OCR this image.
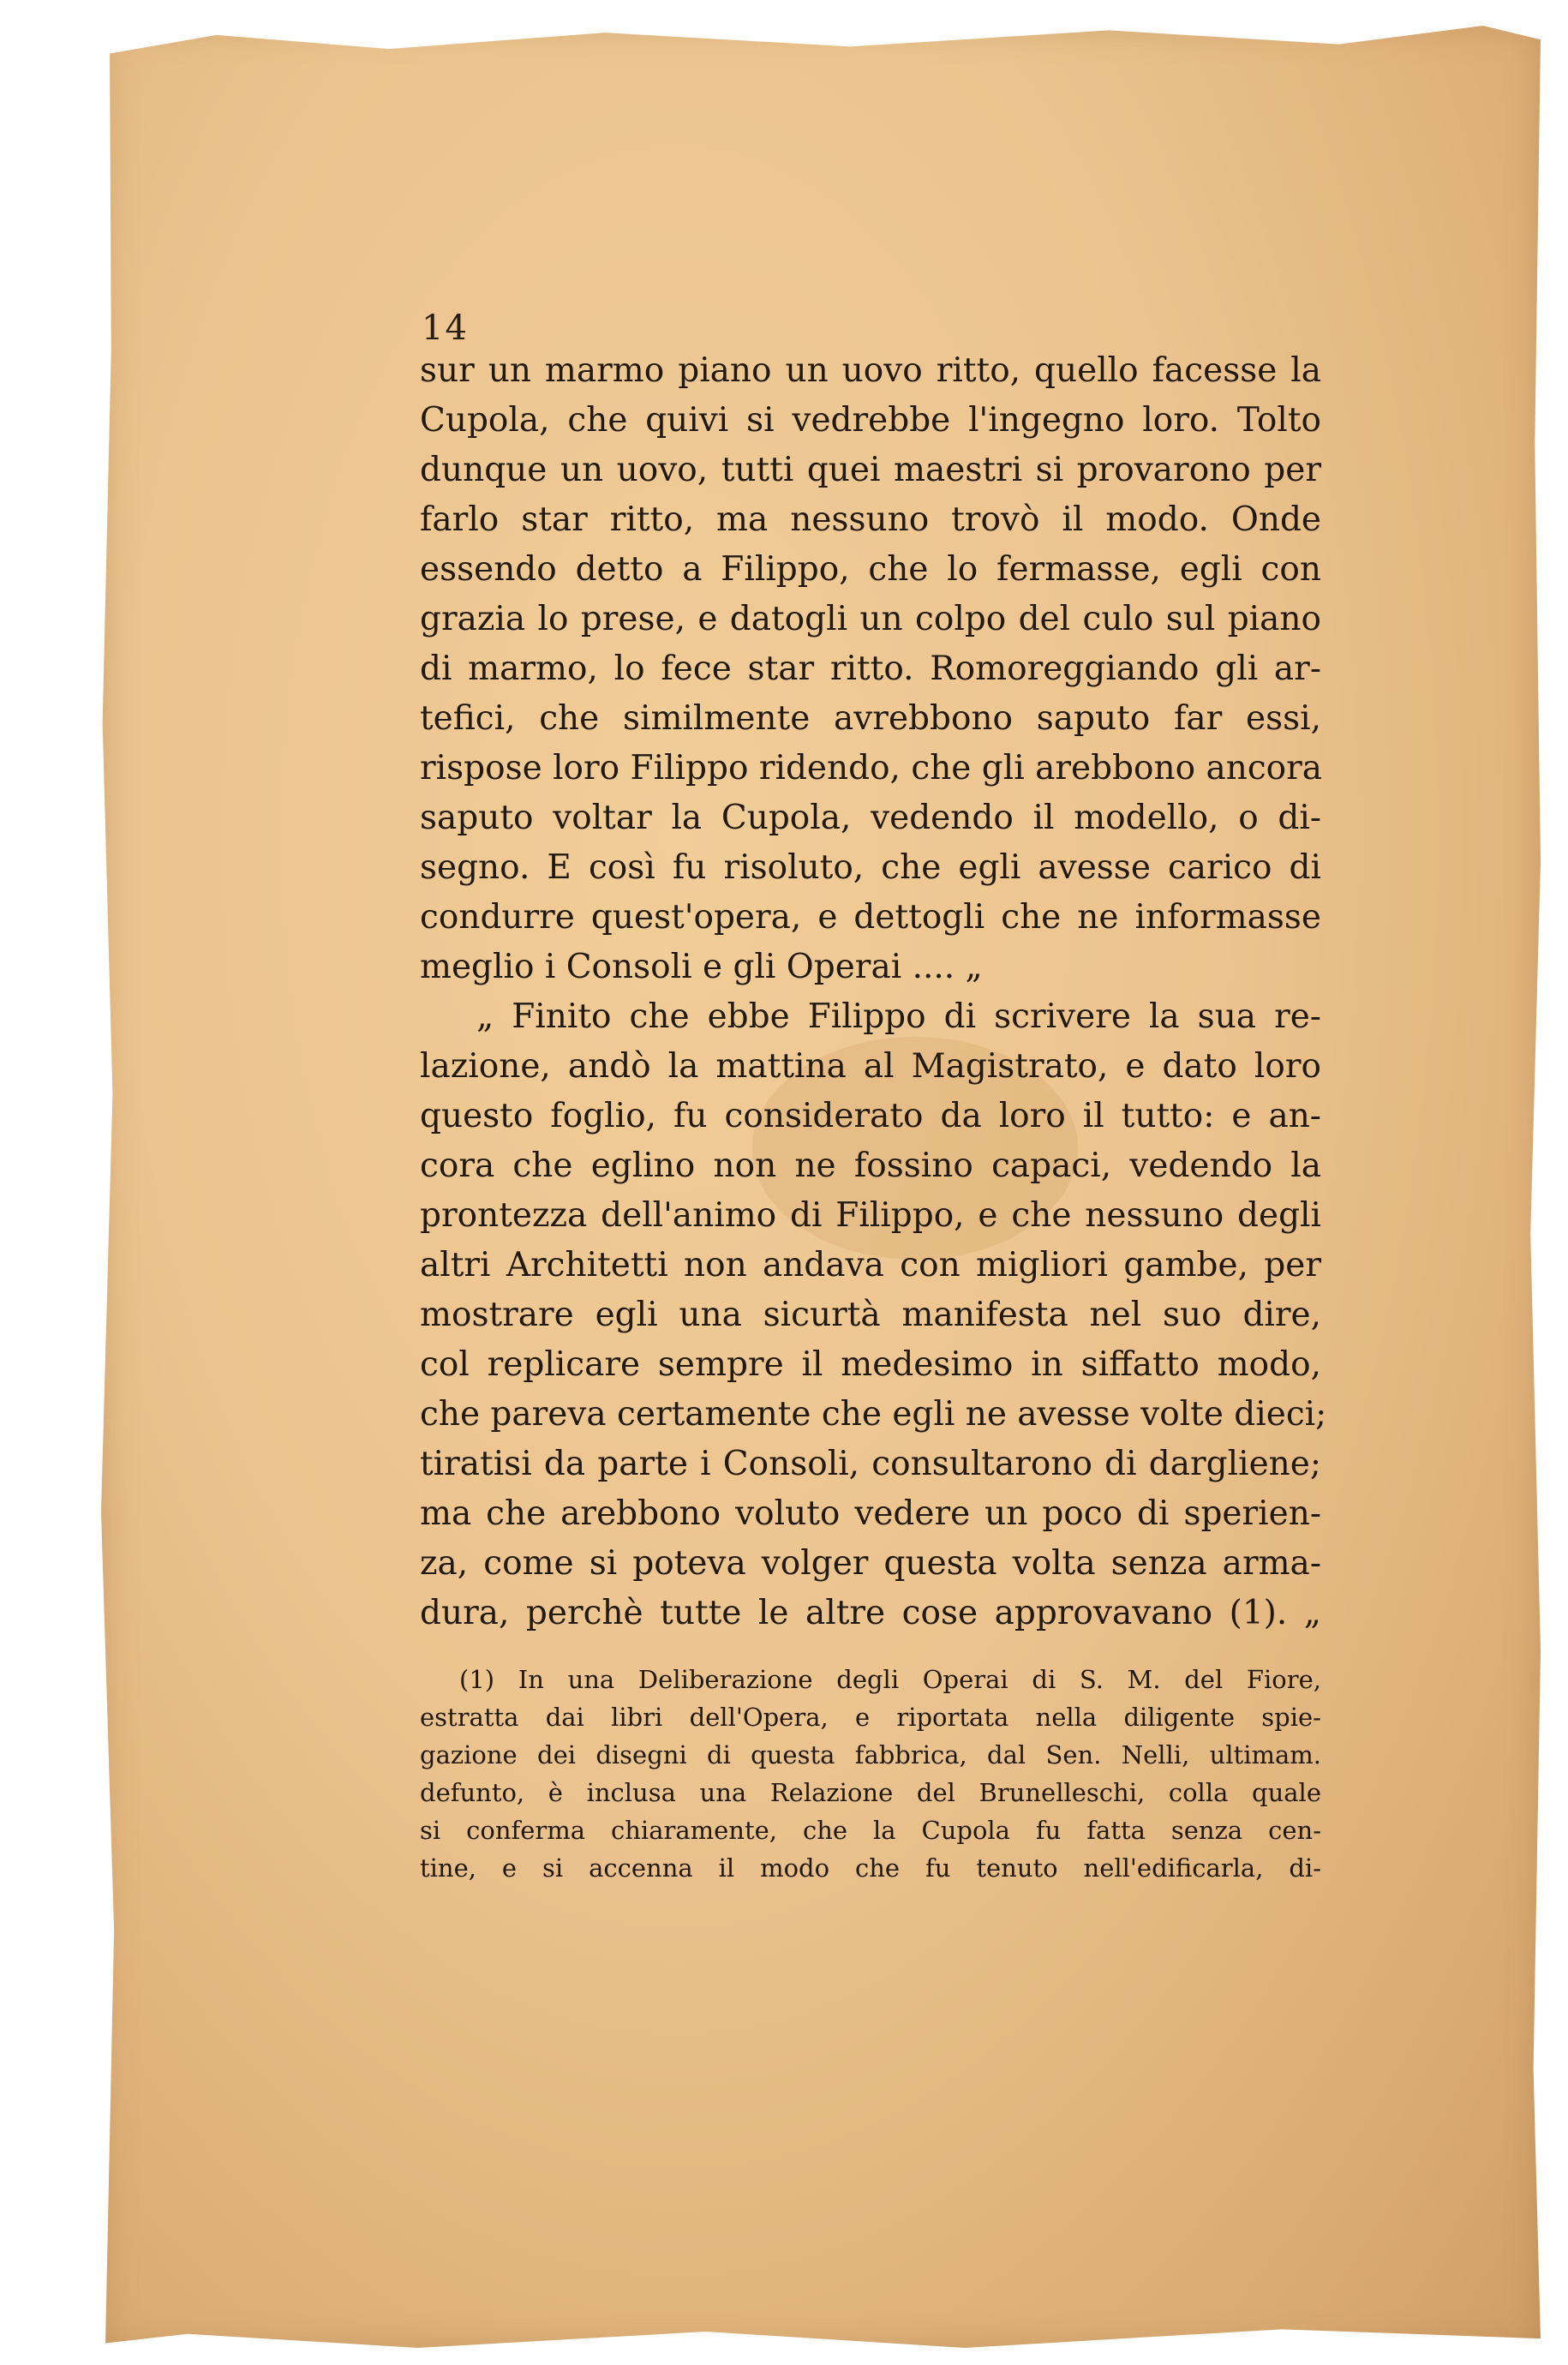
14
sur un marmo piano un uovo ritto, quello facesse la
Cupola, che quivi si vedrebbe l'ingegno loro. Tolto
dunque un uovo, tutti quei maestri si provarono per
farlo star ritto, ma nessuno trovò il modo. Onde
essendo detto a Filippo, che lo fermasse, egli con
grazia lo prese, e datogli un colpo del culo sul piano
di marmo, lo fece star ritto. Romoreggiando gli ar-
tefici, che similmente avrebbono saputo far essi,
rispose loro Filippo ridendo, che gli arebbono ancora
saputo voltar la Cupola, vedendo il modello, o di-
segno. E così fu risoluto, che egli avesse carico di
condurre quest'opera, e dettogli che ne informasse
meglio i Consoli e gli Operai .... „
„ Finito che ebbe Filippo di scrivere la sua re-
lazione, andò la mattina al Magistrato, e dato loro
questo foglio, fu considerato da loro il tutto: e an-
cora che eglino non ne fossino capaci, vedendo la
prontezza dell'animo di Filippo, e che nessuno degli
altri Architetti non andava con migliori gambe, per
mostrare egli una sicurtà manifesta nel suo dire,
col replicare sempre il medesimo in siffatto modo,
che pareva certamente che egli ne avesse volte dieci;
tiratisi da parte i Consoli, consultarono di dargliene;
ma che arebbono voluto vedere un poco di sperien-
za, come si poteva volger questa volta senza arma-
dura, perchè tutte le altre cose approvavano (1). „
(1) In una Deliberazione degli Operai di S. M. del Fiore,
estratta dai libri dell'Opera, e riportata nella diligente spie-
gazione dei disegni di questa fabbrica, dal Sen. Nelli, ultimam.
defunto, è inclusa una Relazione del Brunelleschi, colla quale
si conferma chiaramente, che la Cupola fu fatta senza cen-
tine, e si accenna il modo che fu tenuto nell'edificarla, di-
